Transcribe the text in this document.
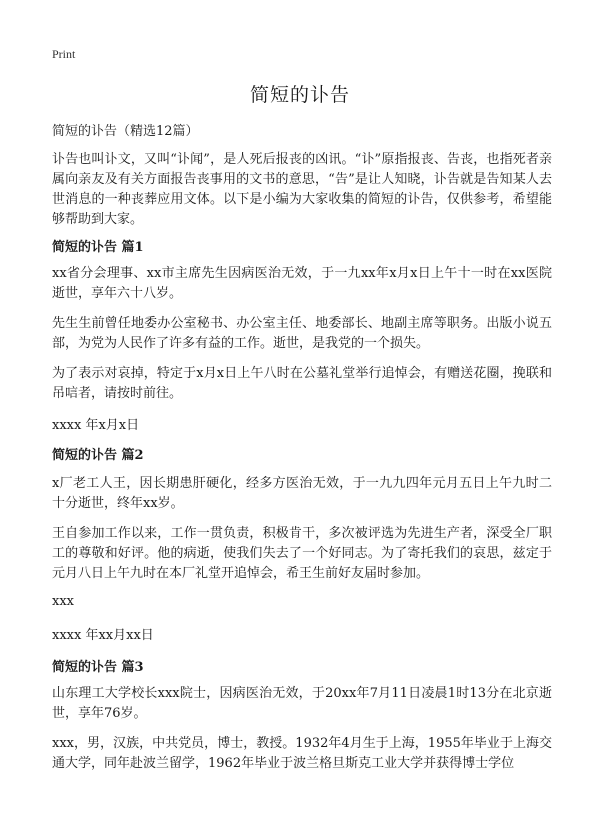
Print
简短的讣告
简短的讣告（精选12篇）

讣告也叫讣文，又叫“讣闻”，是人死后报丧的凶讯。“讣”原指报丧、告丧，也指死者亲属向亲友及有关方面报告丧事用的文书的意思，“告”是让人知晓，讣告就是告知某人去世消息的一种丧葬应用文体。以下是小编为大家收集的简短的讣告，仅供参考，希望能够帮助到大家。

简短的讣告 篇1

xx省分会理事、xx市主席先生因病医治无效，于一九xx年x月x日上午十一时在xx医院逝世，享年六十八岁。

先生生前曾任地委办公室秘书、办公室主任、地委部长、地副主席等职务。出版小说五部，为党为人民作了许多有益的工作。逝世，是我党的一个损失。

为了表示对哀掉，特定于x月x日上午八时在公墓礼堂举行追悼会，有赠送花圈，挽联和吊唁者，请按时前往。

xxxx 年x月x日

简短的讣告 篇2

x厂老工人王，因长期患肝硬化，经多方医治无效，于一九九四年元月五日上午九时二十分逝世，终年xx岁。

王自参加工作以来，工作一贯负责，积极肯干，多次被评选为先进生产者，深受全厂职工的尊敬和好评。他的病逝，使我们失去了一个好同志。为了寄托我们的哀思，兹定于元月八日上午九时在本厂礼堂开追悼会，希王生前好友届时参加。

xxx

xxxx 年xx月xx日

简短的讣告 篇3

山东理工大学校长xxx院士，因病医治无效，于20xx年7月11日凌晨1时13分在北京逝世，享年76岁。

xxx，男，汉族，中共党员，博士，教授。1932年4月生于上海，1955年毕业于上海交通大学，同年赴波兰留学，1962年毕业于波兰格旦斯克工业大学并获得博士学位
